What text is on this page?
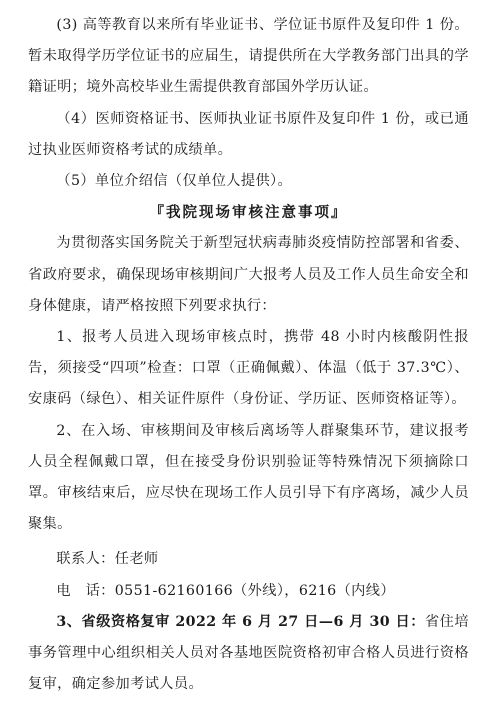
(3) 高等教育以来所有毕业证书、学位证书原件及复印件 1 份。暂未取得学历学位证书的应届生，请提供所在大学教务部门出具的学籍证明；境外高校毕业生需提供教育部国外学历认证。

（4）医师资格证书、医师执业证书原件及复印件 1 份，或已通过执业医师资格考试的成绩单。

（5）单位介绍信（仅单位人提供）。

『我院现场审核注意事项』

为贯彻落实国务院关于新型冠状病毒肺炎疫情防控部署和省委、省政府要求，确保现场审核期间广大报考人员及工作人员生命安全和身体健康，请严格按照下列要求执行：

1、报考人员进入现场审核点时，携带 48 小时内核酸阴性报告，须接受“四项”检查：口罩（正确佩戴）、体温（低于 37.3℃）、安康码（绿色）、相关证件原件（身份证、学历证、医师资格证等）。

2、在入场、审核期间及审核后离场等人群聚集环节，建议报考人员全程佩戴口罩，但在接受身份识别验证等特殊情况下须摘除口罩。审核结束后，应尽快在现场工作人员引导下有序离场，减少人员聚集。

联系人：任老师

电　话：0551-62160166（外线），6216（内线）

3、省级资格复审 2022 年 6 月 27 日—6 月 30 日：省住培事务管理中心组织相关人员对各基地医院资格初审合格人员进行资格复审，确定参加考试人员。
